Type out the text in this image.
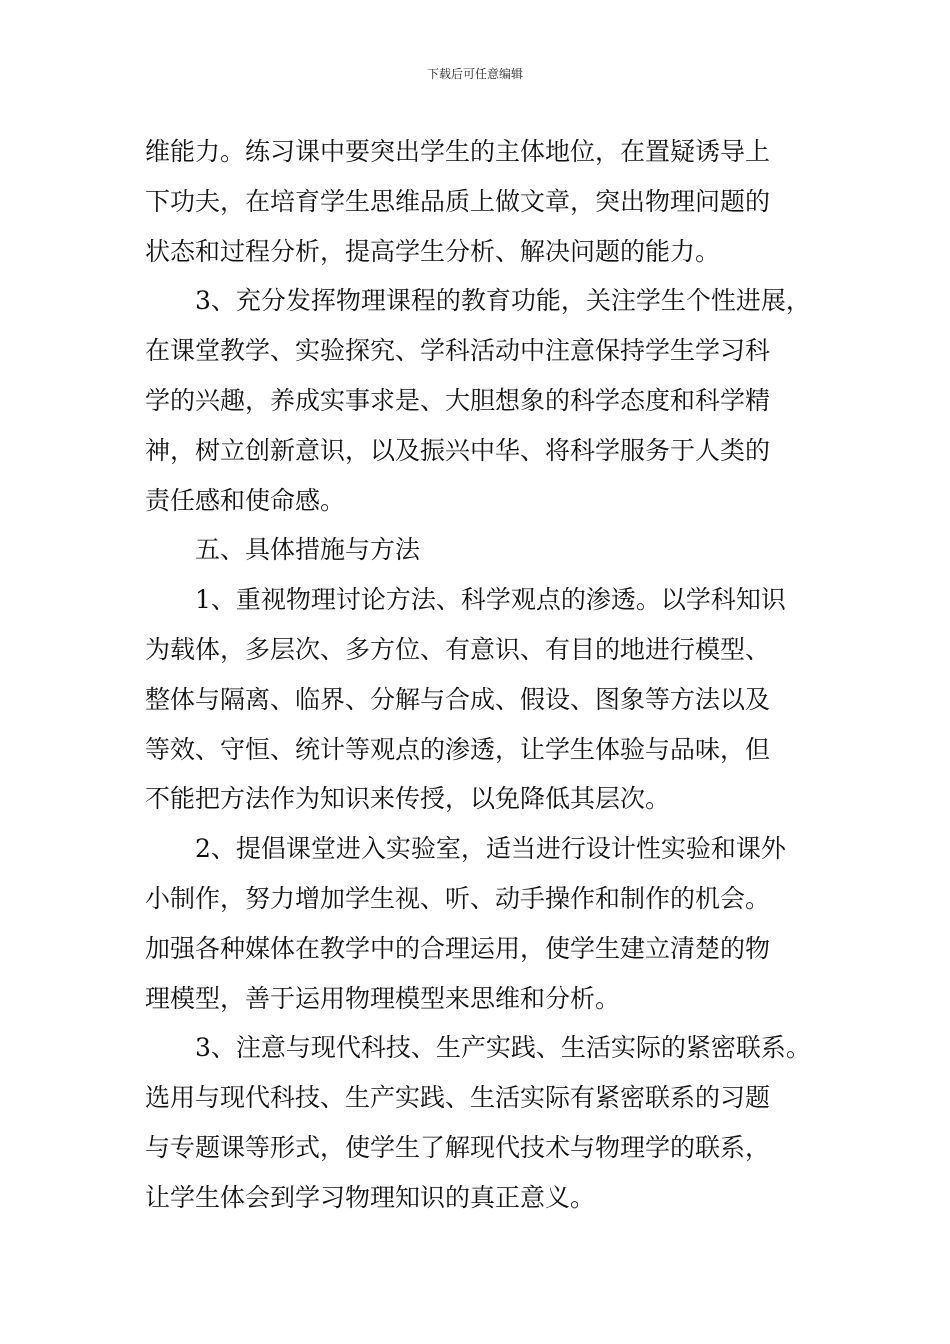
下载后可任意编辑
维能力。练习课中要突出学生的主体地位，在置疑诱导上
下功夫，在培育学生思维品质上做文章，突出物理问题的
状态和过程分析，提高学生分析、解决问题的能力。
3、充分发挥物理课程的教育功能，关注学生个性进展，
在课堂教学、实验探究、学科活动中注意保持学生学习科
学的兴趣，养成实事求是、大胆想象的科学态度和科学精
神，树立创新意识，以及振兴中华、将科学服务于人类的
责任感和使命感。
五、具体措施与方法
1、重视物理讨论方法、科学观点的渗透。以学科知识
为载体，多层次、多方位、有意识、有目的地进行模型、
整体与隔离、临界、分解与合成、假设、图象等方法以及
等效、守恒、统计等观点的渗透，让学生体验与品味，但
不能把方法作为知识来传授，以免降低其层次。
2、提倡课堂进入实验室，适当进行设计性实验和课外
小制作，努力增加学生视、听、动手操作和制作的机会。
加强各种媒体在教学中的合理运用，使学生建立清楚的物
理模型，善于运用物理模型来思维和分析。
3、注意与现代科技、生产实践、生活实际的紧密联系。
选用与现代科技、生产实践、生活实际有紧密联系的习题
与专题课等形式，使学生了解现代技术与物理学的联系，
让学生体会到学习物理知识的真正意义。
